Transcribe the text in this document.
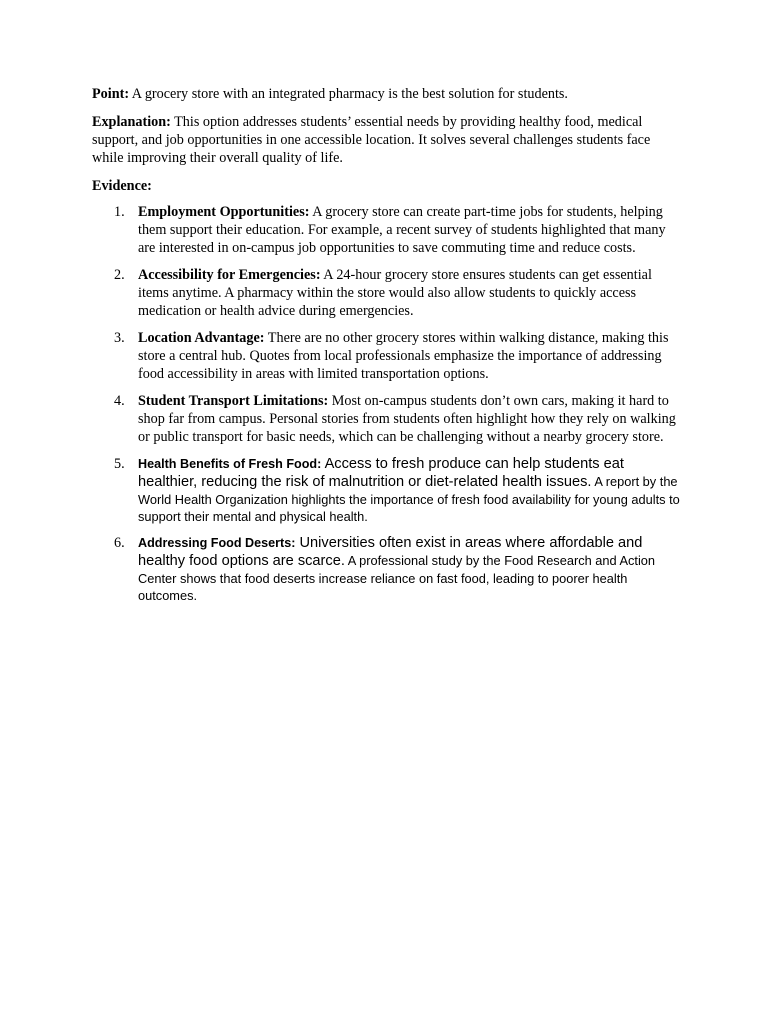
Point: A grocery store with an integrated pharmacy is the best solution for students.

Explanation: This option addresses students’ essential needs by providing healthy food, medical support, and job opportunities in one accessible location. It solves several challenges students face while improving their overall quality of life.

Evidence:

1. Employment Opportunities: A grocery store can create part-time jobs for students, helping them support their education. For example, a recent survey of students highlighted that many are interested in on-campus job opportunities to save commuting time and reduce costs.
2. Accessibility for Emergencies: A 24-hour grocery store ensures students can get essential items anytime. A pharmacy within the store would also allow students to quickly access medication or health advice during emergencies.
3. Location Advantage: There are no other grocery stores within walking distance, making this store a central hub. Quotes from local professionals emphasize the importance of addressing food accessibility in areas with limited transportation options.
4. Student Transport Limitations: Most on-campus students don’t own cars, making it hard to shop far from campus. Personal stories from students often highlight how they rely on walking or public transport for basic needs, which can be challenging without a nearby grocery store.
5. Health Benefits of Fresh Food: Access to fresh produce can help students eat healthier, reducing the risk of malnutrition or diet-related health issues. A report by the World Health Organization highlights the importance of fresh food availability for young adults to support their mental and physical health.
6. Addressing Food Deserts: Universities often exist in areas where affordable and healthy food options are scarce. A professional study by the Food Research and Action Center shows that food deserts increase reliance on fast food, leading to poorer health outcomes.
